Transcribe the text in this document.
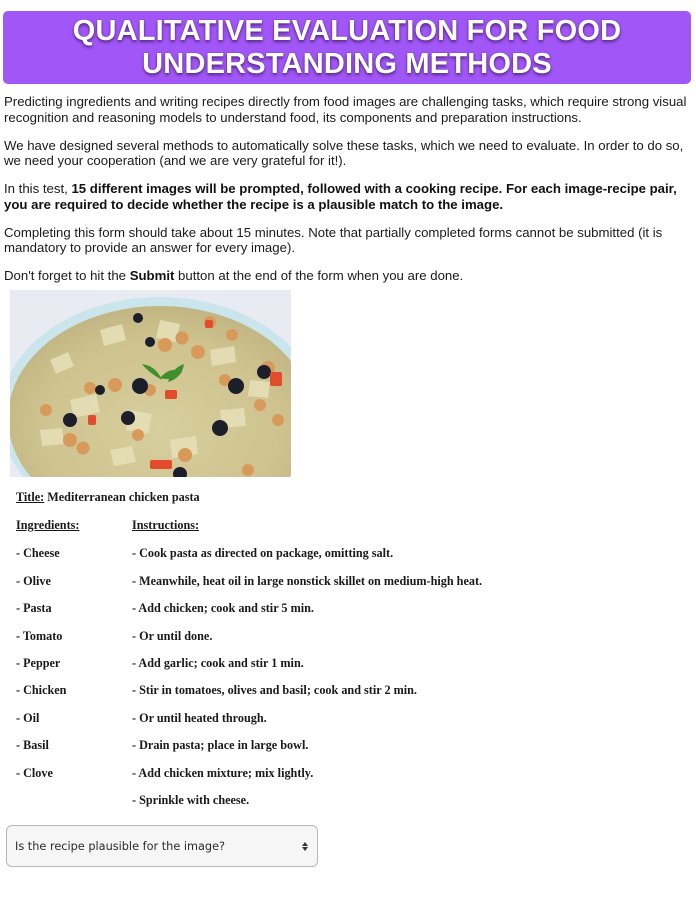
QUALITATIVE EVALUATION FOR FOOD
UNDERSTANDING METHODS

Predicting ingredients and writing recipes directly from food images are challenging tasks, which require strong visual recognition and reasoning models to understand food, its components and preparation instructions.

We have designed several methods to automatically solve these tasks, which we need to evaluate. In order to do so, we need your cooperation (and we are very grateful for it!).

In this test, 15 different images will be prompted, followed with a cooking recipe. For each image-recipe pair, you are required to decide whether the recipe is a plausible match to the image.

Completing this form should take about 15 minutes. Note that partially completed forms cannot be submitted (it is mandatory to provide an answer for every image).

Don't forget to hit the Submit button at the end of the form when you are done.

Title: Mediterranean chicken pasta
Ingredients:	Instructions:
- Cheese
- Olive
- Pasta
- Tomato
- Pepper
- Chicken
- Oil
- Basil
- Clove
- Cook pasta as directed on package, omitting salt.
- Meanwhile, heat oil in large nonstick skillet on medium-high heat.
- Add chicken; cook and stir 5 min.
- Or until done.
- Add garlic; cook and stir 1 min.
- Stir in tomatoes, olives and basil; cook and stir 2 min.
- Or until heated through.
- Drain pasta; place in large bowl.
- Add chicken mixture; mix lightly.
- Sprinkle with cheese.
Is the recipe plausible for the image?
